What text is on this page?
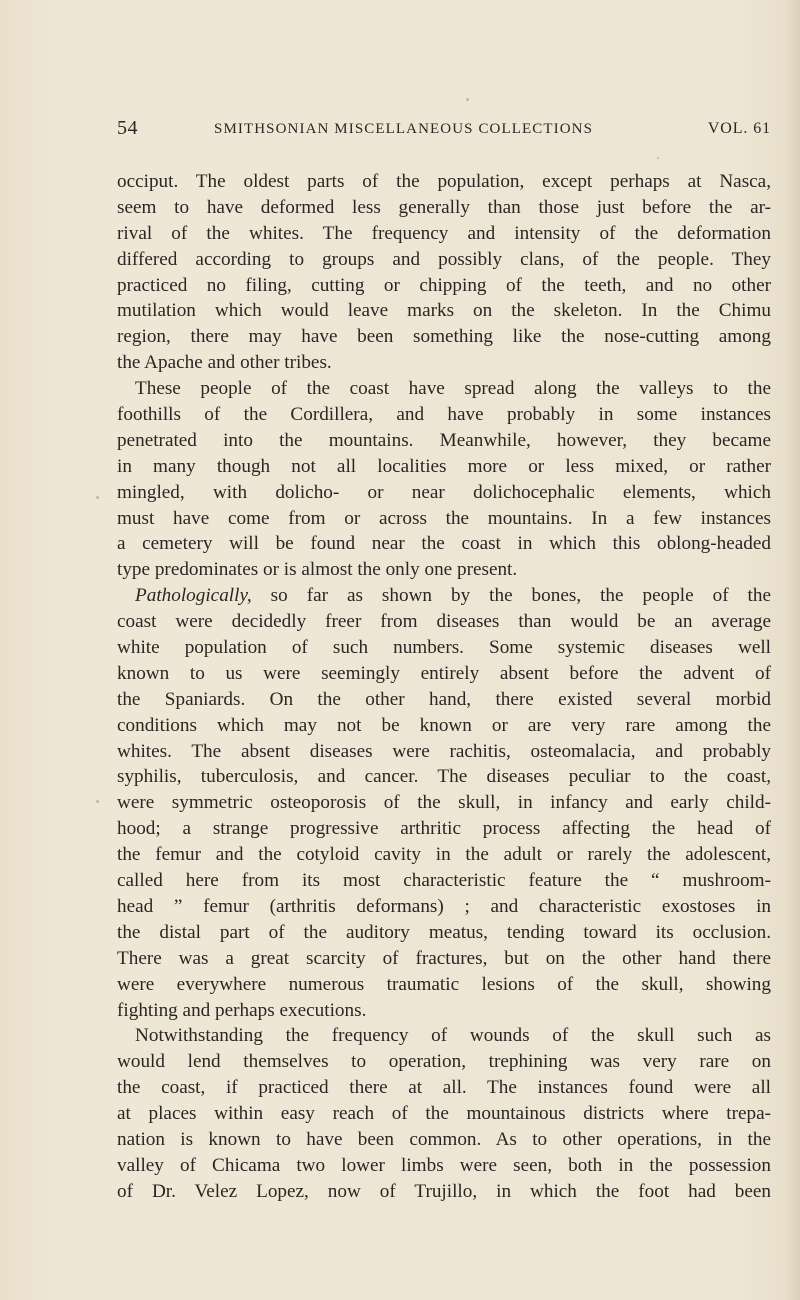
54	SMITHSONIAN MISCELLANEOUS COLLECTIONS	VOL. 61
occiput. The oldest parts of the population, except perhaps at Nasca,
seem to have deformed less generally than those just before the ar-
rival of the whites. The frequency and intensity of the deformation
differed according to groups and possibly clans, of the people. They
practiced no filing, cutting or chipping of the teeth, and no other
mutilation which would leave marks on the skeleton. In the Chimu
region, there may have been something like the nose-cutting among
the Apache and other tribes.
These people of the coast have spread along the valleys to the
foothills of the Cordillera, and have probably in some instances
penetrated into the mountains. Meanwhile, however, they became
in many though not all localities more or less mixed, or rather
mingled, with dolicho- or near dolichocephalic elements, which
must have come from or across the mountains. In a few instances
a cemetery will be found near the coast in which this oblong-headed
type predominates or is almost the only one present.
Pathologically, so far as shown by the bones, the people of the
coast were decidedly freer from diseases than would be an average
white population of such numbers. Some systemic diseases well
known to us were seemingly entirely absent before the advent of
the Spaniards. On the other hand, there existed several morbid
conditions which may not be known or are very rare among the
whites. The absent diseases were rachitis, osteomalacia, and probably
syphilis, tuberculosis, and cancer. The diseases peculiar to the coast,
were symmetric osteoporosis of the skull, in infancy and early child-
hood; a strange progressive arthritic process affecting the head of
the femur and the cotyloid cavity in the adult or rarely the adolescent,
called here from its most characteristic feature the “ mushroom-
head ” femur (arthritis deformans) ; and characteristic exostoses in
the distal part of the auditory meatus, tending toward its occlusion.
There was a great scarcity of fractures, but on the other hand there
were everywhere numerous traumatic lesions of the skull, showing
fighting and perhaps executions.
Notwithstanding the frequency of wounds of the skull such as
would lend themselves to operation, trephining was very rare on
the coast, if practiced there at all. The instances found were all
at places within easy reach of the mountainous districts where trepa-
nation is known to have been common. As to other operations, in the
valley of Chicama two lower limbs were seen, both in the possession
of Dr. Velez Lopez, now of Trujillo, in which the foot had been
